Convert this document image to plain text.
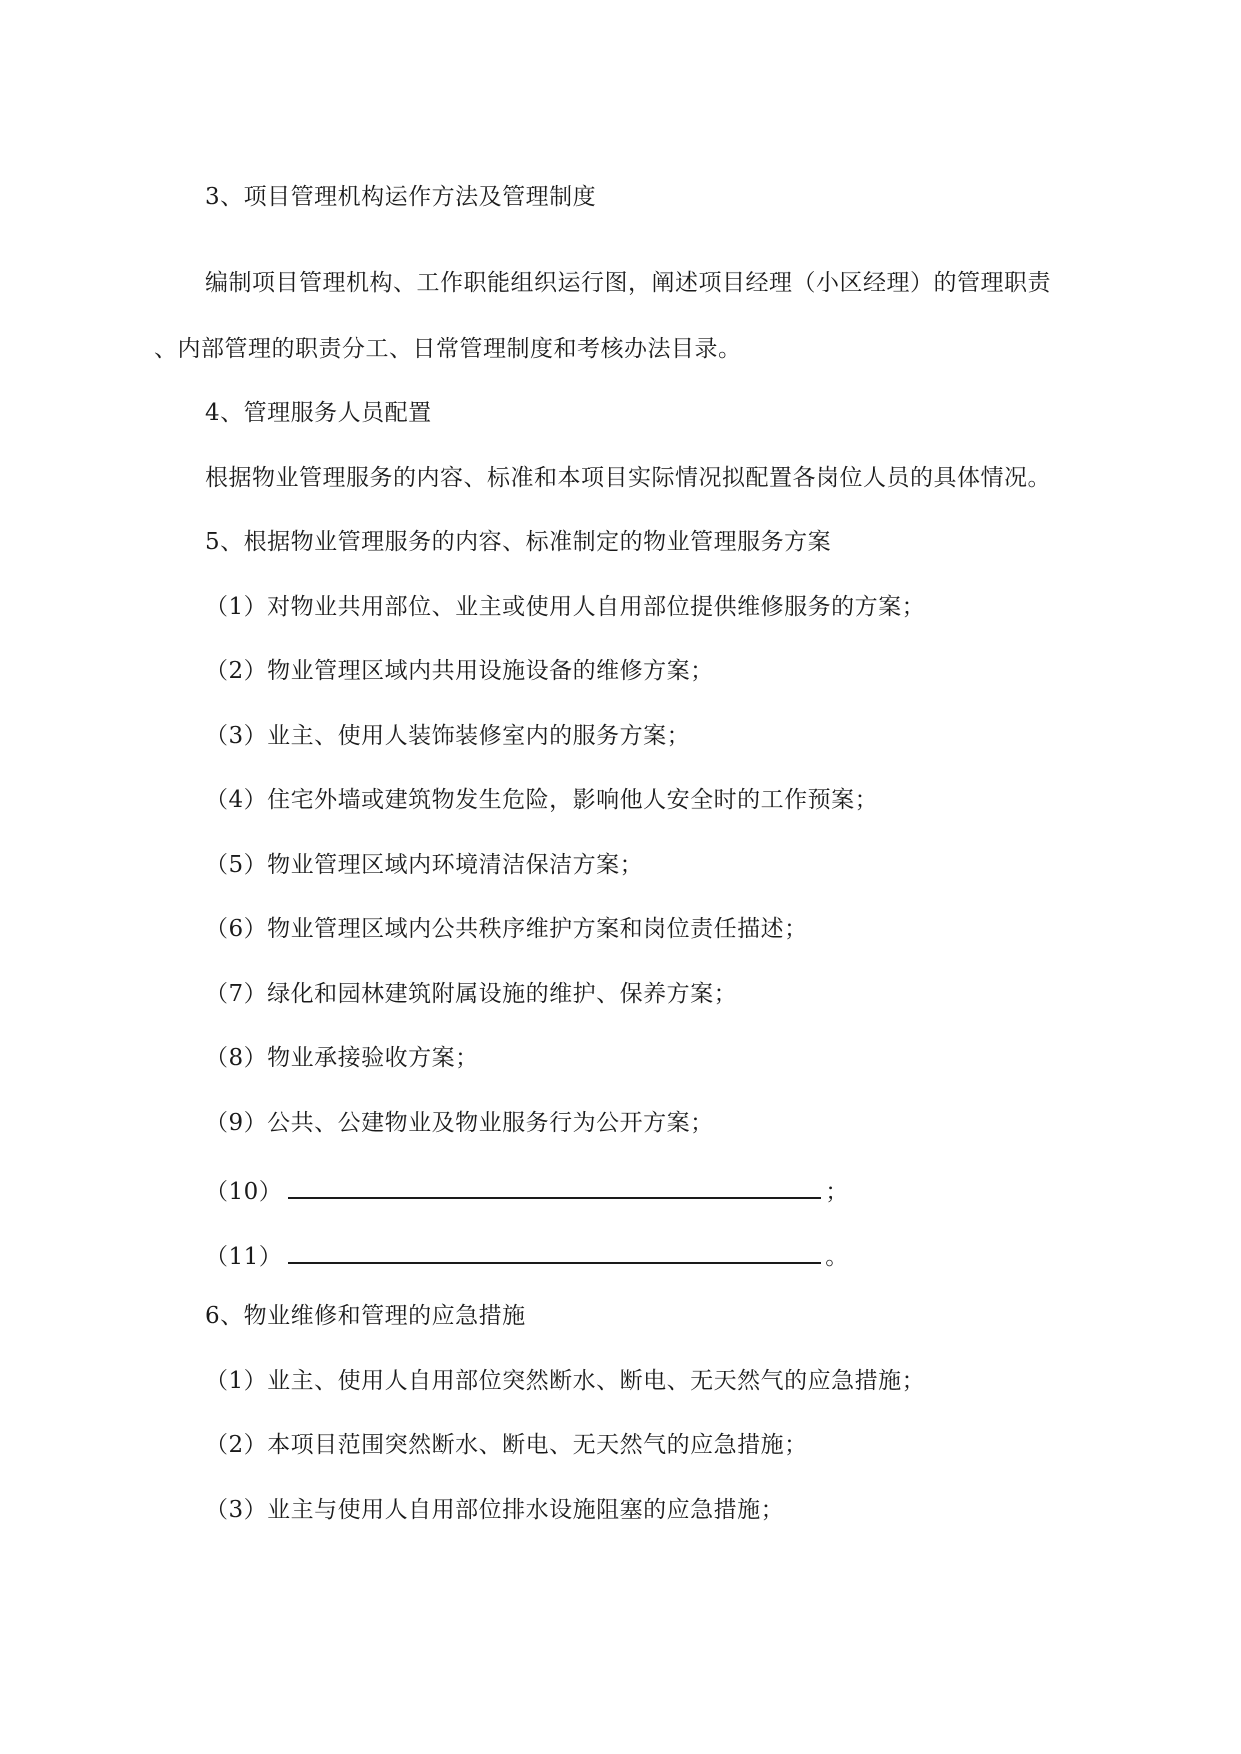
3、项目管理机构运作方法及管理制度
编制项目管理机构、工作职能组织运行图，阐述项目经理（小区经理）的管理职责
、内部管理的职责分工、日常管理制度和考核办法目录。
4、管理服务人员配置
根据物业管理服务的内容、标准和本项目实际情况拟配置各岗位人员的具体情况。
5、根据物业管理服务的内容、标准制定的物业管理服务方案
（1）对物业共用部位、业主或使用人自用部位提供维修服务的方案；
（2）物业管理区域内共用设施设备的维修方案；
（3）业主、使用人装饰装修室内的服务方案；
（4）住宅外墙或建筑物发生危险，影响他人安全时的工作预案；
（5）物业管理区域内环境清洁保洁方案；
（6）物业管理区域内公共秩序维护方案和岗位责任描述；
（7）绿化和园林建筑附属设施的维护、保养方案；
（8）物业承接验收方案；
（9）公共、公建物业及物业服务行为公开方案；
（10）	；
（11）	。
6、物业维修和管理的应急措施
（1）业主、使用人自用部位突然断水、断电、无天然气的应急措施；
（2）本项目范围突然断水、断电、无天然气的应急措施；
（3）业主与使用人自用部位排水设施阻塞的应急措施；
